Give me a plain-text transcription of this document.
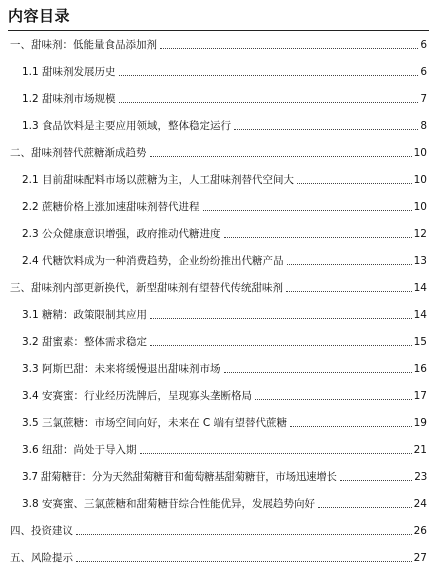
内容目录
一、甜味剂：低能量食品添加剂	6
1.1 甜味剂发展历史	6
1.2 甜味剂市场规模	7
1.3 食品饮料是主要应用领域，整体稳定运行	8
二、甜味剂替代蔗糖渐成趋势	10
2.1 目前甜味配料市场以蔗糖为主，人工甜味剂替代空间大	10
2.2 蔗糖价格上涨加速甜味剂替代进程	10
2.3 公众健康意识增强，政府推动代糖进度	12
2.4 代糖饮料成为一种消费趋势，企业纷纷推出代糖产品	13
三、甜味剂内部更新换代，新型甜味剂有望替代传统甜味剂	14
3.1 糖精：政策限制其应用	14
3.2 甜蜜素：整体需求稳定	15
3.3 阿斯巴甜：未来将缓慢退出甜味剂市场	16
3.4 安赛蜜：行业经历洗牌后，呈现寡头垄断格局	17
3.5 三氯蔗糖：市场空间向好，未来在 C 端有望替代蔗糖	19
3.6 纽甜：尚处于导入期	21
3.7 甜菊糖苷：分为天然甜菊糖苷和葡萄糖基甜菊糖苷，市场迅速增长	23
3.8 安赛蜜、三氯蔗糖和甜菊糖苷综合性能优异，发展趋势向好	24
四、投资建议	26
五、风险提示	27
